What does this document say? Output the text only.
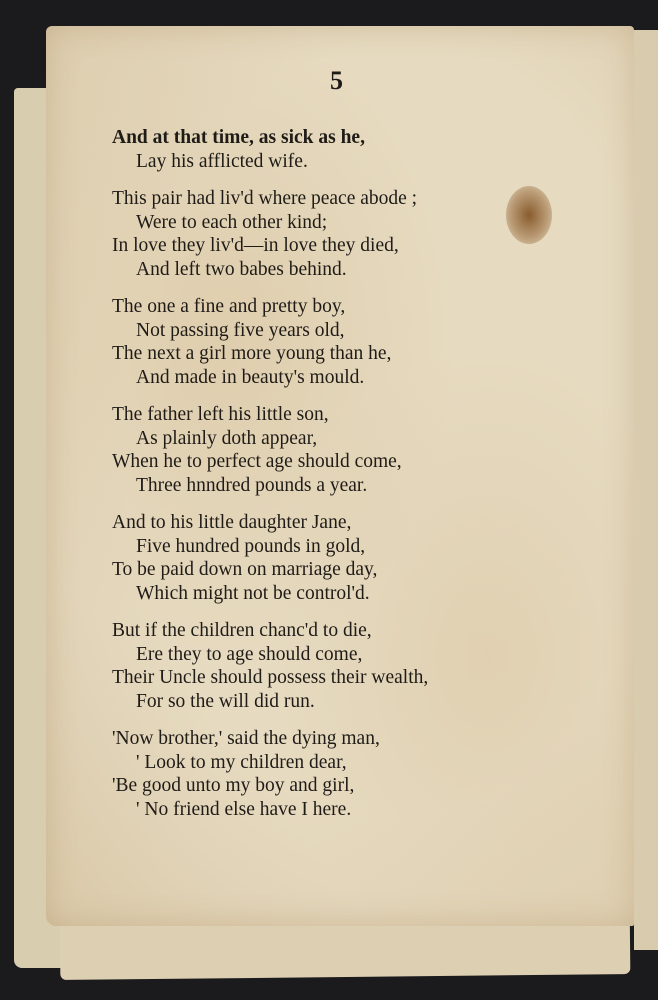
5
And at that time, as sick as he,
Lay his afflicted wife.
This pair had liv'd where peace abode ;
Were to each other kind;
In love they liv'd—in love they died,
And left two babes behind.
The one a fine and pretty boy,
Not passing five years old,
The next a girl more young than he,
And made in beauty's mould.
The father left his little son,
As plainly doth appear,
When he to perfect age should come,
Three hnndred pounds a year.
And to his little daughter Jane,
Five hundred pounds in gold,
To be paid down on marriage day,
Which might not be control'd.
But if the children chanc'd to die,
Ere they to age should come,
Their Uncle should possess their wealth,
For so the will did run.
'Now brother,' said the dying man,
' Look to my children dear,
'Be good unto my boy and girl,
' No friend else have I here.
